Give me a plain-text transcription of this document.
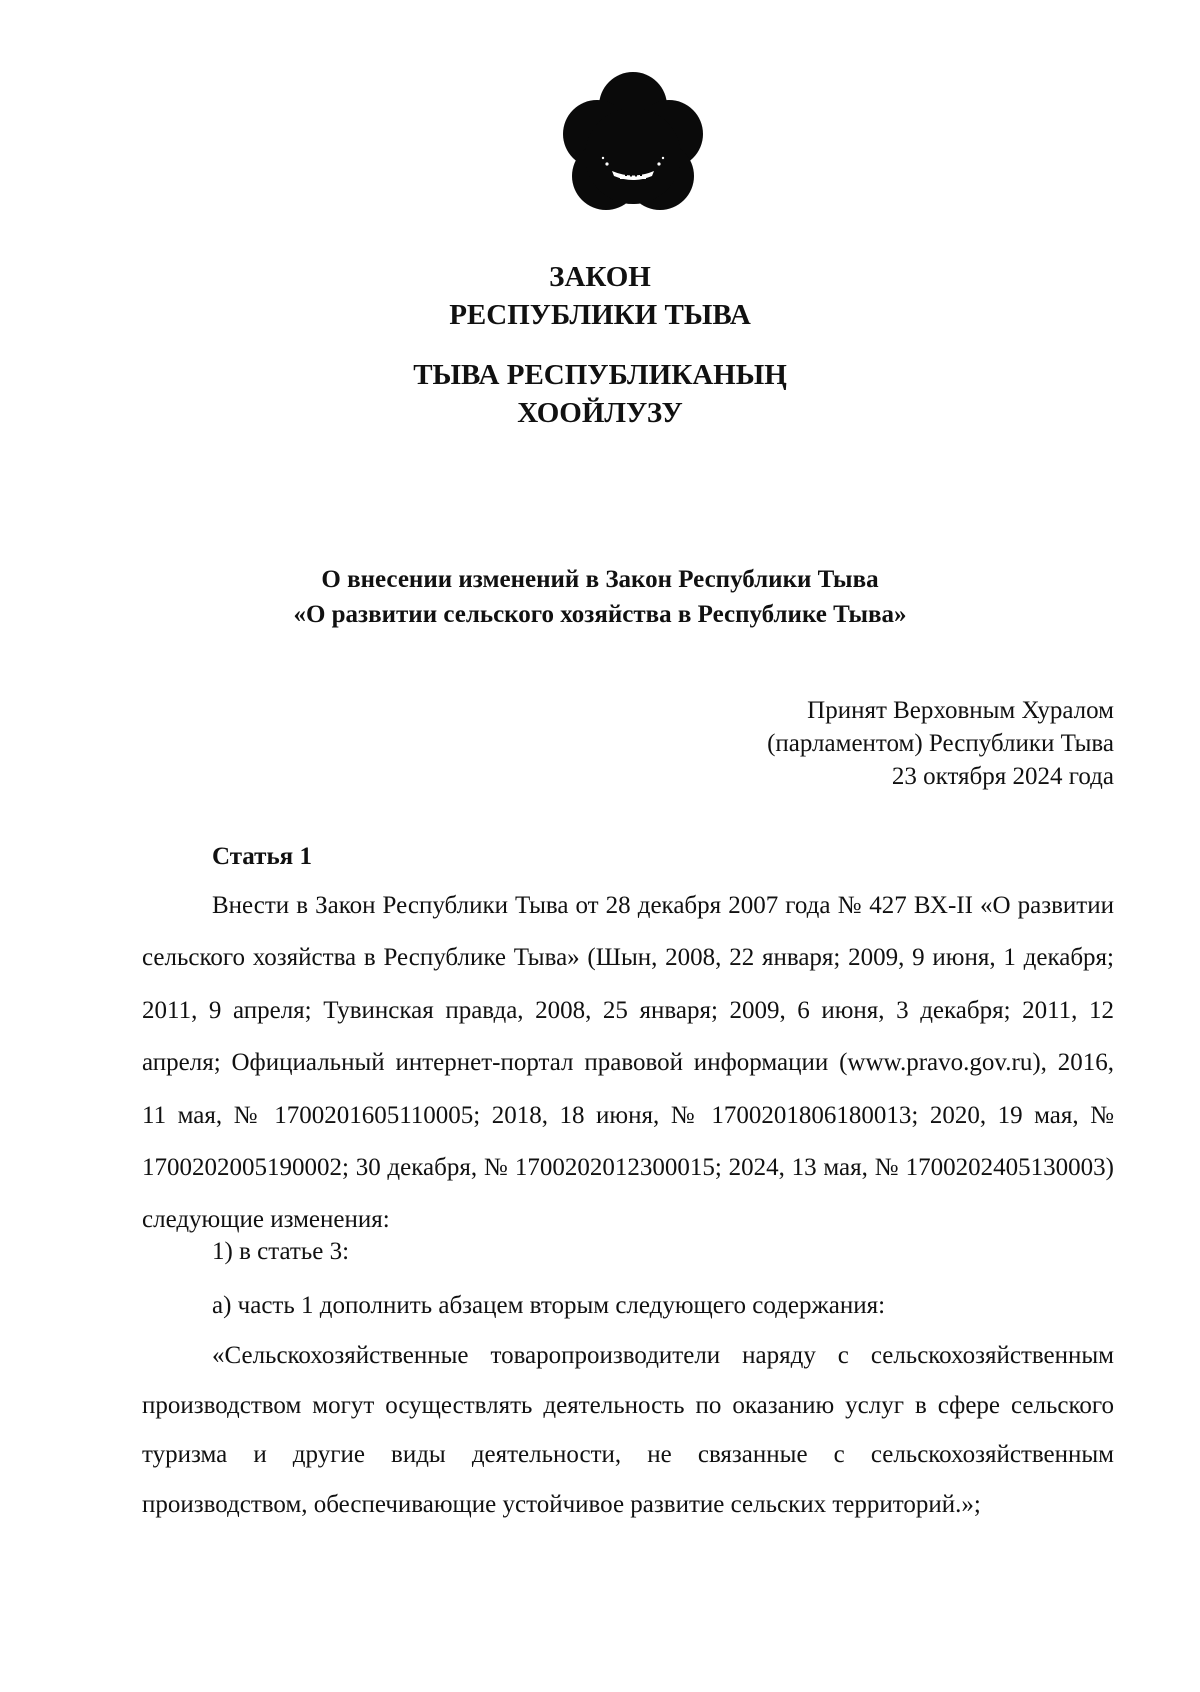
ЗАКОН
РЕСПУБЛИКИ ТЫВА
ТЫВА РЕСПУБЛИКАНЫҢ
ХООЙЛУЗУ
О внесении изменений в Закон Республики Тыва
«О развитии сельского хозяйства в Республике Тыва»
Принят Верховным Хуралом
(парламентом) Республики Тыва
23 октября 2024 года
Статья 1

Внести в Закон Республики Тыва от 28 декабря 2007 года № 427 ВХ-II «О развитии сельского хозяйства в Республике Тыва» (Шын, 2008, 22 января; 2009, 9 июня, 1 декабря; 2011, 9 апреля; Тувинская правда, 2008, 25 января; 2009, 6 июня, 3 декабря; 2011, 12 апреля; Официальный интернет-портал правовой информации (www.pravo.gov.ru), 2016, 11 мая, № 1700201605110005; 2018, 18 июня, № 1700201806180013; 2020, 19 мая, № 1700202005190002; 30 декабря, № 1700202012300015; 2024, 13 мая, № 1700202405130003) следующие изменения:

1) в статье 3:

а) часть 1 дополнить абзацем вторым следующего содержания:

«Сельскохозяйственные товаропроизводители наряду с сельскохозяйственным производством могут осуществлять деятельность по оказанию услуг в сфере сельского туризма и другие виды деятельности, не связанные с сельскохозяйственным производством, обеспечивающие устойчивое развитие сельских территорий.»;
